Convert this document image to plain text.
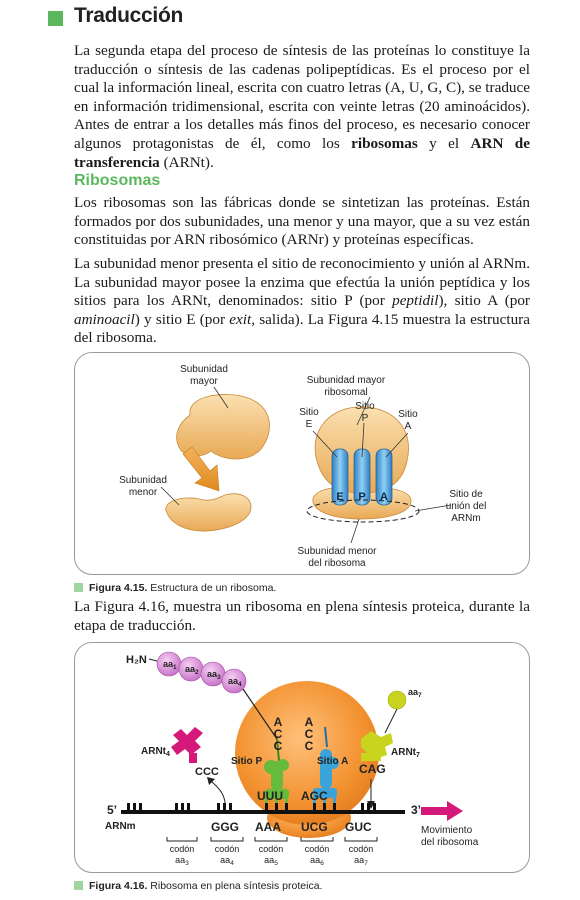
Traducción
La segunda etapa del proceso de síntesis de las proteínas lo constituye la traducción o síntesis de las cadenas polipeptídicas. Es el proceso por el cual la información lineal, escrita con cuatro letras (A, U, G, C), se traduce en información tridimensional, escrita con veinte letras (20 aminoácidos). Antes de entrar a los detalles más finos del proceso, es necesario conocer algunos protagonistas de él, como los ribosomas y el ARN de transferencia (ARNt).
Ribosomas
Los ribosomas son las fábricas donde se sintetizan las proteínas. Están formados por dos subunidades, una menor y una mayor, que a su vez están constituidas por ARN ribosómico (ARNr) y proteínas específicas.
La subunidad menor presenta el sitio de reconocimiento y unión al ARNm. La subunidad mayor posee la enzima que efectúa la unión peptídica y los sitios para los ARNt, denominados: sitio P (por peptidil), sitio A (por aminoacil) y sitio E (por exit, salida). La Figura 4.15 muestra la estructura del ribosoma.
Subunidad mayor
Subunidad menor	E P A
Subunidad mayor ribosomal
Sitio E
Sitio P	Sitio A
Sitio de unión del ARNm
Subunidad menor del ribosoma
Figura 4.15. Estructura de un ribosoma.
La Figura 4.16, muestra un ribosoma en plena síntesis proteica, durante la etapa de traducción.
H₂N $aa_1$ $aa_2$ $aa_3$ $aa_4$
A C C
A C C
Sitio P	Sitio A
UUU AGC
ARNt$_4$
CCC
$aa_7$
ARNt$_7$
CAG
5’	3’
ARNm	GGG AAA UCG GUC
codón codón codón codón codón
$aa_3$	$aa_4$	$aa_5$	$aa_6$	$aa_7$
Movimiento del ribosoma
Figura 4.16. Ribosoma en plena síntesis proteica.
